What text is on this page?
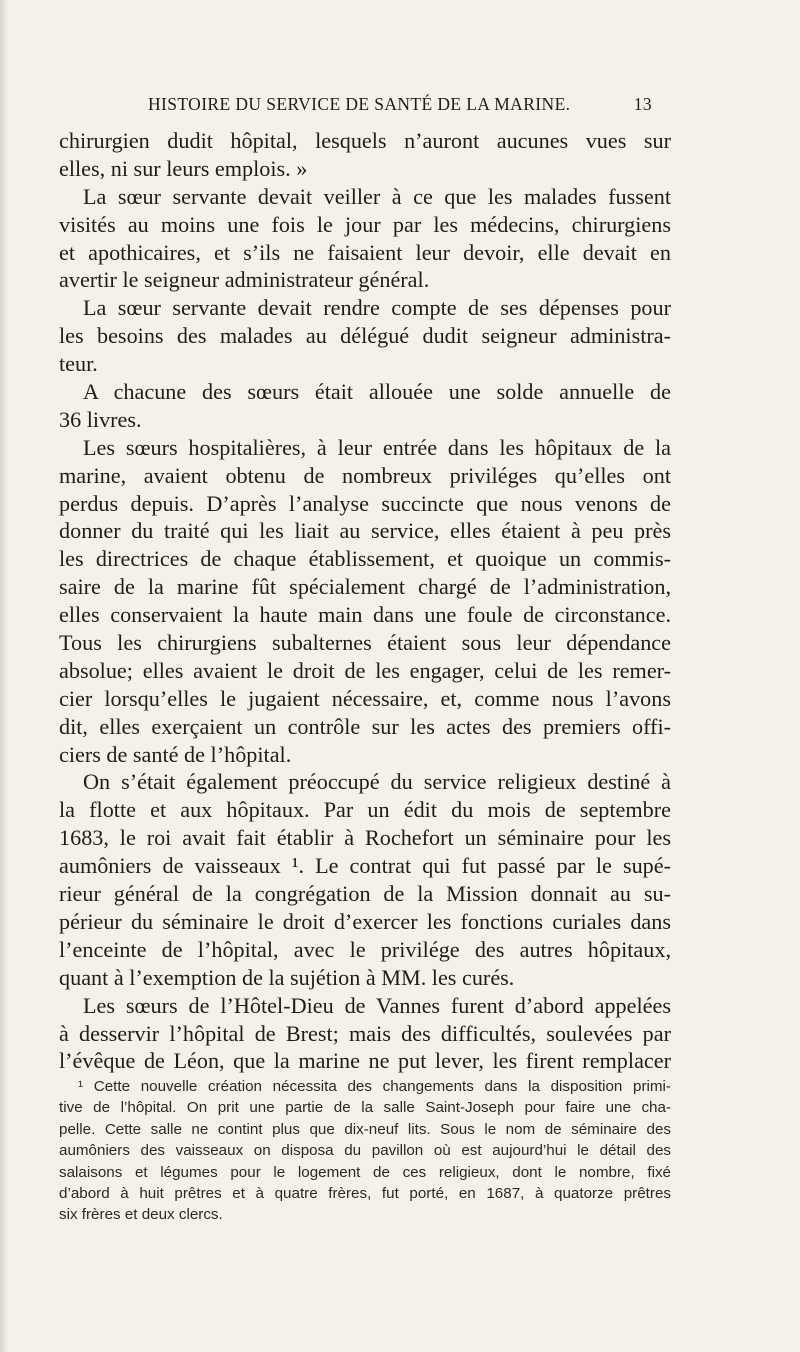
HISTOIRE DU SERVICE DE SANTÉ DE LA MARINE.	13
chirurgien dudit hôpital, lesquels n’auront aucunes vues sur
elles, ni sur leurs emplois. »
La sœur servante devait veiller à ce que les malades fussent
visités au moins une fois le jour par les médecins, chirurgiens
et apothicaires, et s’ils ne faisaient leur devoir, elle devait en
avertir le seigneur administrateur général.
La sœur servante devait rendre compte de ses dépenses pour
les besoins des malades au délégué dudit seigneur administra-
teur.
A chacune des sœurs était allouée une solde annuelle de
36 livres.
Les sœurs hospitalières, à leur entrée dans les hôpitaux de la
marine, avaient obtenu de nombreux priviléges qu’elles ont
perdus depuis. D’après l’analyse succincte que nous venons de
donner du traité qui les liait au service, elles étaient à peu près
les directrices de chaque établissement, et quoique un commis-
saire de la marine fût spécialement chargé de l’administration,
elles conservaient la haute main dans une foule de circonstance.
Tous les chirurgiens subalternes étaient sous leur dépendance
absolue; elles avaient le droit de les engager, celui de les remer-
cier lorsqu’elles le jugaient nécessaire, et, comme nous l’avons
dit, elles exerçaient un contrôle sur les actes des premiers offi-
ciers de santé de l’hôpital.
On s’était également préoccupé du service religieux destiné à
la flotte et aux hôpitaux. Par un édit du mois de septembre
1683, le roi avait fait établir à Rochefort un séminaire pour les
aumôniers de vaisseaux ¹. Le contrat qui fut passé par le supé-
rieur général de la congrégation de la Mission donnait au su-
périeur du séminaire le droit d’exercer les fonctions curiales dans
l’enceinte de l’hôpital, avec le privilége des autres hôpitaux,
quant à l’exemption de la sujétion à MM. les curés.
Les sœurs de l’Hôtel-Dieu de Vannes furent d’abord appelées
à desservir l’hôpital de Brest; mais des difficultés, soulevées par
l’évêque de Léon, que la marine ne put lever, les firent remplacer
¹ Cette nouvelle création nécessita des changements dans la disposition primi-
tive de l’hôpital. On prit une partie de la salle Saint-Joseph pour faire une cha-
pelle. Cette salle ne contint plus que dix-neuf lits. Sous le nom de séminaire des
aumôniers des vaisseaux on disposa du pavillon où est aujourd’hui le détail des
salaisons et légumes pour le logement de ces religieux, dont le nombre, fixé
d’abord à huit prêtres et à quatre frères, fut porté, en 1687, à quatorze prêtres
six frères et deux clercs.
